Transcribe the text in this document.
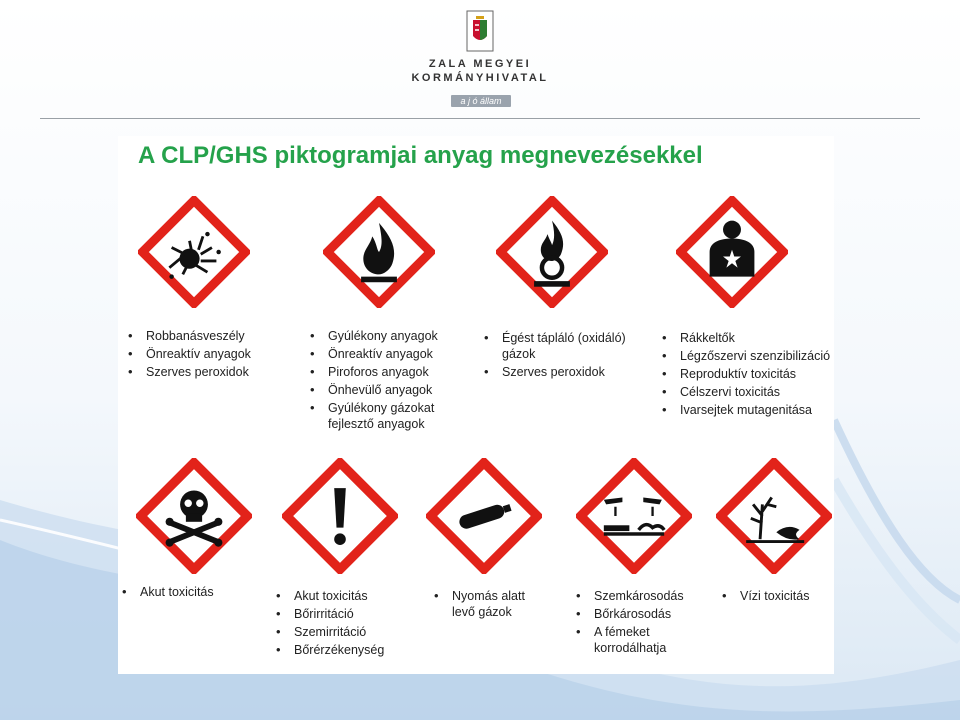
ZALA MEGYEI
KORMÁNYHIVATAL
a j ó állam
A CLP/GHS piktogramjai anyag megnevezésekkel
• Robbanásveszély
• Önreaktív anyagok
• Szerves peroxidok
• Gyúlékony anyagok
• Önreaktív anyagok
• Piroforos anyagok
• Önhevülő anyagok
• Gyúlékony gázokat fejlesztő anyagok
• Égést tápláló (oxidáló) gázok
• Szerves peroxidok
• Rákkeltők
• Légzőszervi szenzibilizáció
• Reproduktív toxicitás
• Célszervi toxicitás
• Ivarsejtek mutagenitása
• Akut toxicitás
•	Akut toxicitás
• Bőrirritáció
• Szemirritáció
• Bőrérzékenység
• Nyomás alatt levő gázok
• Szemkárosodás
• Bőrkárosodás
• A fémeket korrodálhatja
• Vízi toxicitás
